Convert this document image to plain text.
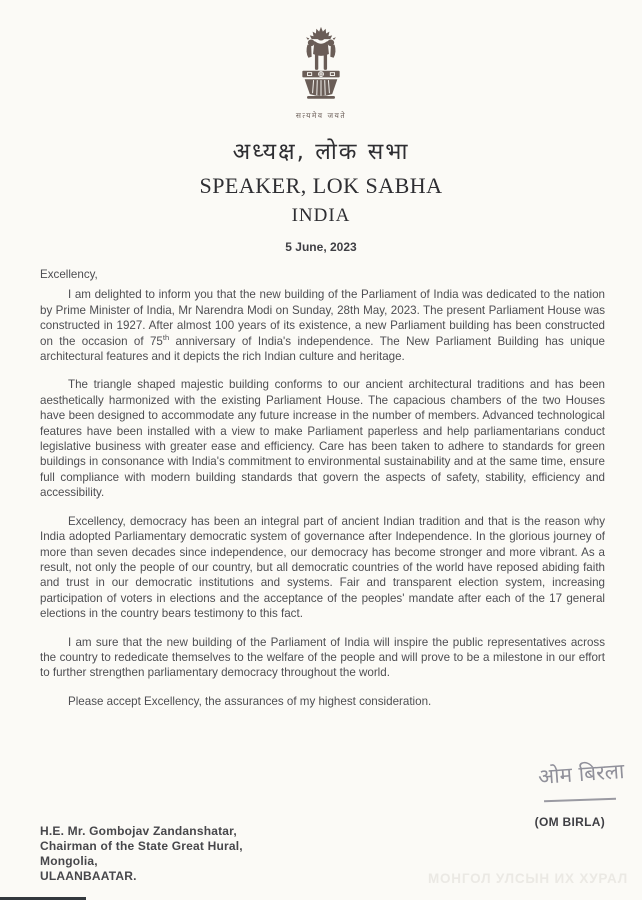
सत्यमेव जयते
अध्यक्ष, लोक सभा
SPEAKER, LOK SABHA
INDIA
5 June, 2023

Excellency,

I am delighted to inform you that the new building of the Parliament of India was dedicated to the nation by Prime Minister of India, Mr Narendra Modi on Sunday, 28th May, 2023. The present Parliament House was constructed in 1927. After almost 100 years of its existence, a new Parliament building has been constructed on the occasion of 75th anniversary of India's independence. The New Parliament Building has unique architectural features and it depicts the rich Indian culture and heritage.

The triangle shaped majestic building conforms to our ancient architectural traditions and has been aesthetically harmonized with the existing Parliament House. The capacious chambers of the two Houses have been designed to accommodate any future increase in the number of members. Advanced technological features have been installed with a view to make Parliament paperless and help parliamentarians conduct legislative business with greater ease and efficiency. Care has been taken to adhere to standards for green buildings in consonance with India's commitment to environmental sustainability and at the same time, ensure full compliance with modern building standards that govern the aspects of safety, stability, efficiency and accessibility.

Excellency, democracy has been an integral part of ancient Indian tradition and that is the reason why India adopted Parliamentary democratic system of governance after Independence. In the glorious journey of more than seven decades since independence, our democracy has become stronger and more vibrant. As a result, not only the people of our country, but all democratic countries of the world have reposed abiding faith and trust in our democratic institutions and systems. Fair and transparent election system, increasing participation of voters in elections and the acceptance of the peoples' mandate after each of the 17 general elections in the country bears testimony to this fact.

I am sure that the new building of the Parliament of India will inspire the public representatives across the country to rededicate themselves to the welfare of the people and will prove to be a milestone in our effort to further strengthen parliamentary democracy throughout the world.

Please accept Excellency, the assurances of my highest consideration.

ओम बिरला
(OM BIRLA)
H.E. Mr. Gombojav Zandanshatar,
Chairman of the State Great Hural,
Mongolia,
ULAANBAATAR.	МОНГОЛ УЛСЫН ИХ ХУРАЛ
